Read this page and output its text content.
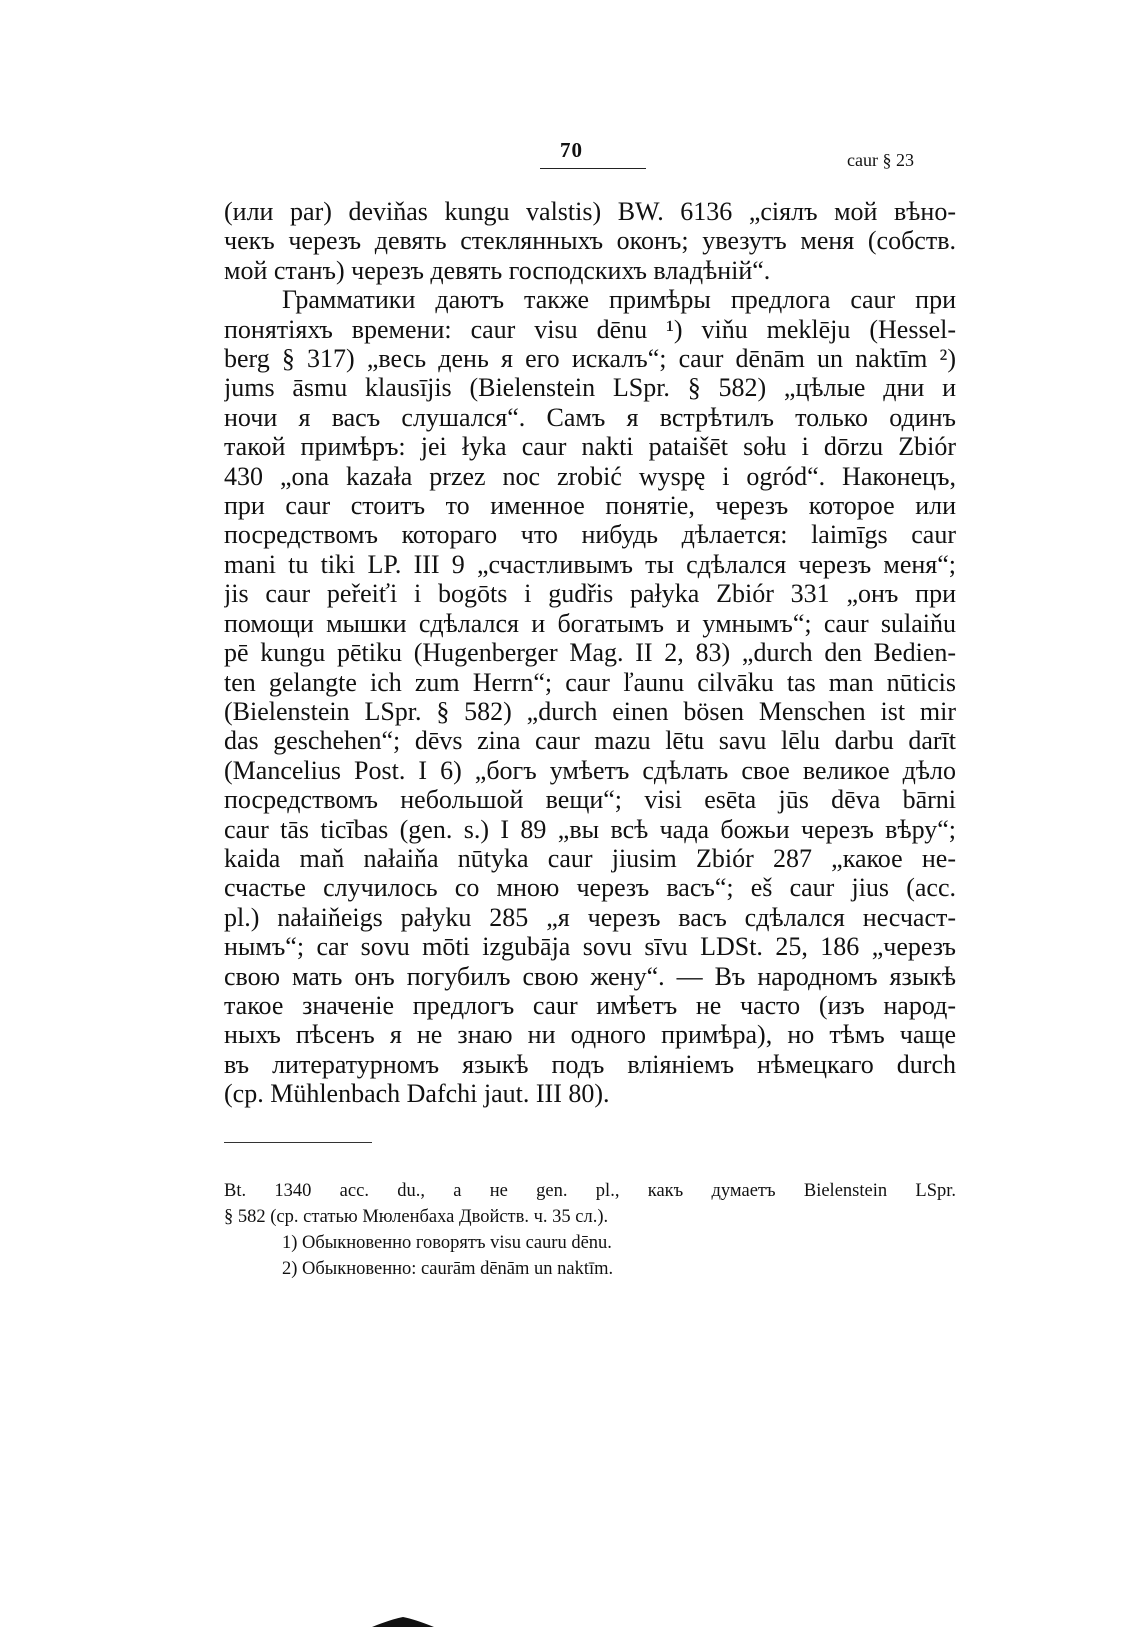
70	caur § 23
(или par) deviňas kungu valstis) BW. 6136 „сіялъ мой вѣно-
чекъ черезъ девять стеклянныхъ оконъ; увезутъ меня (собств.
мой станъ) черезъ девять господскихъ владѣній“.
Грамматики даютъ также примѣры предлога caur при
понятіяхъ времени: caur visu dēnu ¹) viňu meklēju (Hessel-
berg § 317) „весь день я его искалъ“; caur dēnām un naktīm ²)
jums āsmu klausījis (Bielenstein LSpr. § 582) „цѣлые дни и
ночи я васъ слушался“. Самъ я встрѣтилъ только одинъ
такой примѣръ: jei łyka caur nakti pataišēt sołu i dōrzu Zbiór
430 „ona kazała przez noc zrobić wyspę i ogród“. Наконецъ,
при caur стоитъ то именное понятіе, черезъ которое или
посредствомъ котораго что нибудь дѣлается: laimīgs caur
mani tu tiki LP. III 9 „счастливымъ ты сдѣлался черезъ меня“;
jis caur peřeiťi i bogōts i gudřis pałyka Zbiór 331 „онъ при
помощи мышки сдѣлался и богатымъ и умнымъ“; caur sulaiňu
pē kungu pētiku (Hugenberger Mag. II 2, 83) „durch den Bedien-
ten gelangte ich zum Herrn“; caur ľaunu cilvāku tas man nūticis
(Bielenstein LSpr. § 582) „durch einen bösen Menschen ist mir
das geschehen“; dēvs zina caur mazu lētu savu lēlu darbu darīt
(Mancelius Post. I 6) „богъ умѣетъ сдѣлать свое великое дѣло
посредствомъ небольшой вещи“; visi esēta jūs dēva bārni
caur tās ticības (gen. s.) I 89 „вы всѣ чада божьи черезъ вѣру“;
kaida maň nałaiňa nūtyka caur jiusim Zbiór 287 „какое не-
счастье случилось со мною черезъ васъ“; eš caur jius (acc.
pl.) nałaiňeigs pałyku 285 „я черезъ васъ сдѣлался несчаст-
нымъ“; car sovu mōti izgubāja sovu sīvu LDSt. 25, 186 „черезъ
свою мать онъ погубилъ свою жену“. — Въ народномъ языкѣ
такое значеніе предлогъ caur имѣетъ не часто (изъ народ-
ныхъ пѣсенъ я не знаю ни одного примѣра), но тѣмъ чаще
въ литературномъ языкѣ подъ вліяніемъ нѣмецкаго durch
(ср. Mühlenbach Dafchi jaut. III 80).
Bt. 1340 acc. du., а не gen. pl., какъ думаетъ Bielenstein LSpr.
§ 582 (ср. статью Мюленбаха Двойств. ч. 35 сл.).
1) Обыкновенно говорятъ visu cauru dēnu.
2) Обыкновенно: caurām dēnām un naktīm.
